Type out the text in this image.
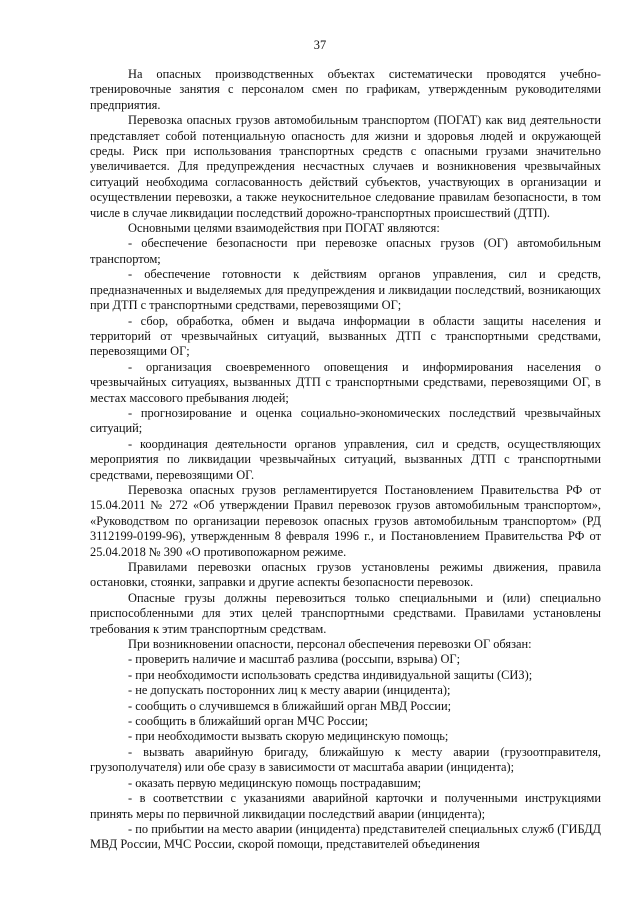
37

На опасных производственных объектах систематически проводятся учебно-тренировочные занятия с персоналом смен по графикам, утвержденным руководителями предприятия.

Перевозка опасных грузов автомобильным транспортом (ПОГАТ) как вид деятельности представляет собой потенциальную опасность для жизни и здоровья людей и окружающей среды. Риск при использования транспортных средств с опасными грузами значительно увеличивается. Для предупреждения несчастных случаев и возникновения чрезвычайных ситуаций необходима согласованность действий субъектов, участвующих в организации и осуществлении перевозки, а также неукоснительное следование правилам безопасности, в том числе в случае ликвидации последствий дорожно-транспортных происшествий (ДТП).

Основными целями взаимодействия при ПОГАТ являются:

- обеспечение безопасности при перевозке опасных грузов (ОГ) автомобильным транспортом;

- обеспечение готовности к действиям органов управления, сил и средств, предназначенных и выделяемых для предупреждения и ликвидации последствий, возникающих при ДТП с транспортными средствами, перевозящими ОГ;

- сбор, обработка, обмен и выдача информации в области защиты населения и территорий от чрезвычайных ситуаций, вызванных ДТП с транспортными средствами, перевозящими ОГ;

- организация своевременного оповещения и информирования населения о чрезвычайных ситуациях, вызванных ДТП с транспортными средствами, перевозящими ОГ, в местах массового пребывания людей;

- прогнозирование и оценка социально-экономических последствий чрезвычайных ситуаций;

- координация деятельности органов управления, сил и средств, осуществляющих мероприятия по ликвидации чрезвычайных ситуаций, вызванных ДТП с транспортными средствами, перевозящими ОГ.

Перевозка опасных грузов регламентируется Постановлением Правительства РФ от 15.04.2011 № 272 «Об утверждении Правил перевозок грузов автомобильным транспортом», «Руководством по организации перевозок опасных грузов автомобильным транспортом» (РД 3112199-0199-96), утвержденным 8 февраля 1996 г., и Постановлением Правительства РФ от 25.04.2018 № 390 «О противопожарном режиме.

Правилами перевозки опасных грузов установлены режимы движения, правила остановки, стоянки, заправки и другие аспекты безопасности перевозок.

Опасные грузы должны перевозиться только специальными и (или) специально приспособленными для этих целей транспортными средствами. Правилами установлены требования к этим транспортным средствам.

При возникновении опасности, персонал обеспечения перевозки ОГ обязан:

- проверить наличие и масштаб разлива (россыпи, взрыва) ОГ;

- при необходимости использовать средства индивидуальной защиты (СИЗ);

- не допускать посторонних лиц к месту аварии (инцидента);

- сообщить о случившемся в ближайший орган МВД России;

- сообщить в ближайший орган МЧС России;

- при необходимости вызвать скорую медицинскую помощь;

- вызвать аварийную бригаду, ближайшую к месту аварии (грузоотправителя, грузополучателя) или обе сразу в зависимости от масштаба аварии (инцидента);

- оказать первую медицинскую помощь пострадавшим;

- в соответствии с указаниями аварийной карточки и полученными инструкциями принять меры по первичной ликвидации последствий аварии (инцидента);

- по прибытии на место аварии (инцидента) представителей специальных служб (ГИБДД МВД России, МЧС России, скорой помощи, представителей объединения
